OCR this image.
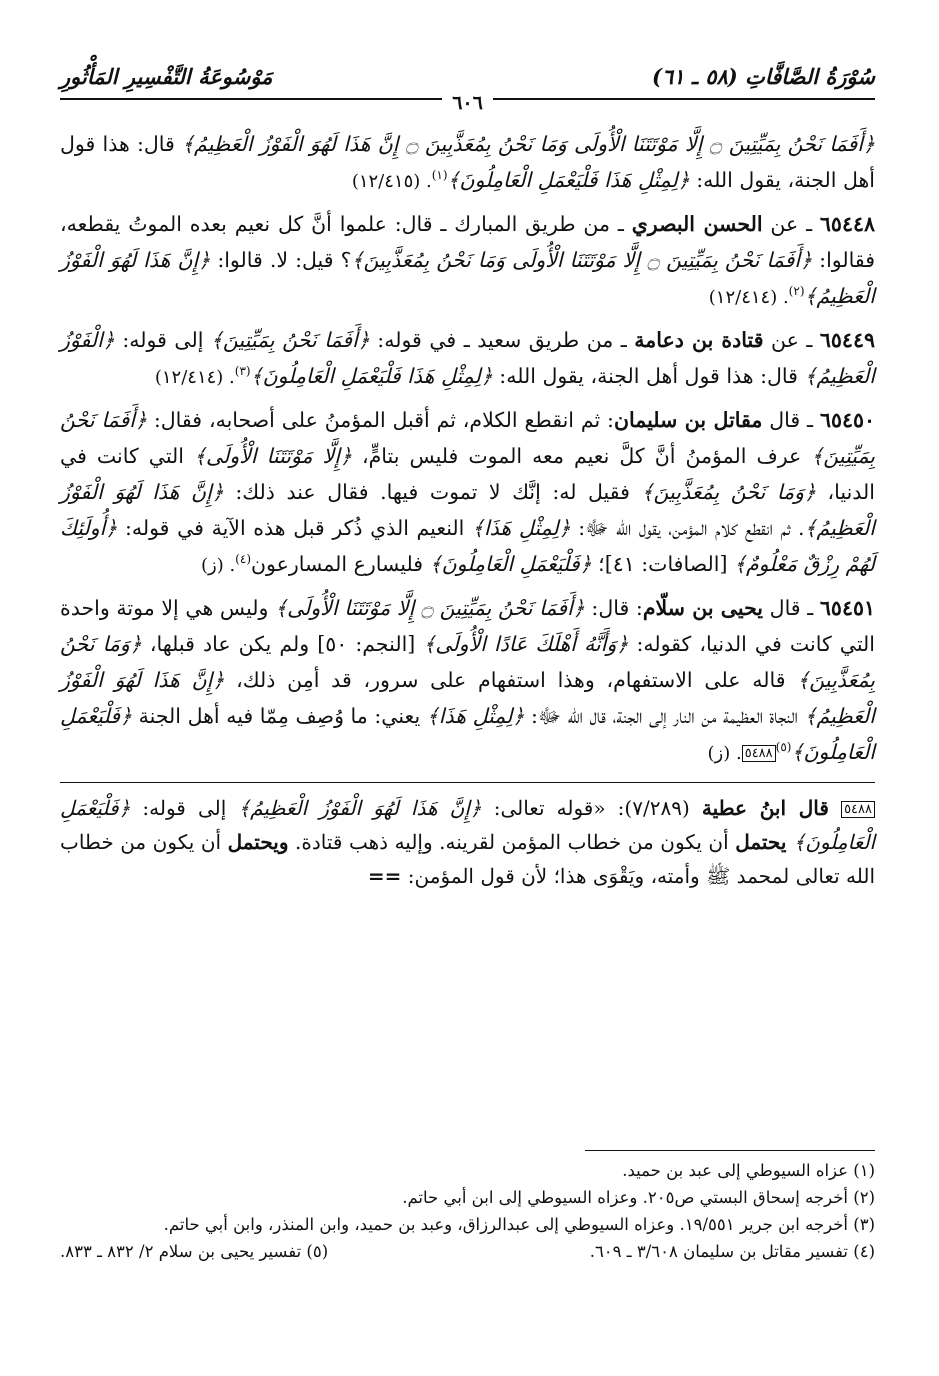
سُوْرَةُ الصَّافَّاتِ (٥٨ ـ ٦١)
مَوْسُوعَةُ التَّفْسِيرِ المَأْثُورِ
٦٠٦

﴿أَفَمَا نَحْنُ بِمَيِّتِينَ ۝ إِلَّا مَوْتَتَنَا الْأُولَى وَمَا نَحْنُ بِمُعَذَّبِينَ ۝ إِنَّ هَذَا لَهُوَ الْفَوْزُ الْعَظِيمُ﴾ قال: هذا قول أهل الجنة، يقول الله: ﴿لِمِثْلِ هَذَا فَلْيَعْمَلِ الْعَامِلُونَ﴾$^{(١)}$. (١٢/٤١٥)

٦٥٤٤٨ ـ عن الحسن البصري ـ من طريق المبارك ـ قال: علموا أنَّ كل نعيم بعده الموتُ يقطعه، فقالوا: ﴿أَفَمَا نَحْنُ بِمَيِّتِينَ ۝ إِلَّا مَوْتَتَنَا الْأُولَى وَمَا نَحْنُ بِمُعَذَّبِينَ﴾؟ قيل: لا. قالوا: ﴿إِنَّ هَذَا لَهُوَ الْفَوْزُ الْعَظِيمُ﴾$^{(٢)}$. (١٢/٤١٤)

٦٥٤٤٩ ـ عن قتادة بن دعامة ـ من طريق سعيد ـ في قوله: ﴿أَفَمَا نَحْنُ بِمَيِّتِينَ﴾ إلى قوله: ﴿الْفَوْزُ الْعَظِيمُ﴾ قال: هذا قول أهل الجنة، يقول الله: ﴿لِمِثْلِ هَذَا فَلْيَعْمَلِ الْعَامِلُونَ﴾$^{(٣)}$. (١٢/٤١٤)

٦٥٤٥٠ ـ قال مقاتل بن سليمان: ثم انقطع الكلام، ثم أقبل المؤمنُ على أصحابه، فقال: ﴿أَفَمَا نَحْنُ بِمَيِّتِينَ﴾ عرف المؤمنُ أنَّ كلَّ نعيم معه الموت فليس بتامٍّ، ﴿إِلَّا مَوْتَتَنَا الْأُولَى﴾ التي كانت في الدنيا، ﴿وَمَا نَحْنُ بِمُعَذَّبِينَ﴾ فقيل له: إنَّك لا تموت فيها. فقال عند ذلك: ﴿إِنَّ هَذَا لَهُوَ الْفَوْزُ الْعَظِيمُ﴾. ثم انقطع كلام المؤمن، يقول الله ﷻ: ﴿لِمِثْلِ هَذَا﴾ النعيم الذي ذُكر قبل هذه الآية في قوله: ﴿أُولَئِكَ لَهُمْ رِزْقٌ مَعْلُومٌ﴾ [الصافات: ٤١]؛ ﴿فَلْيَعْمَلِ الْعَامِلُونَ﴾ فليسارع المسارعون$^{(٤)}$. (ز)

٦٥٤٥١ ـ قال يحيى بن سلّام: قال: ﴿أَفَمَا نَحْنُ بِمَيِّتِينَ ۝ إِلَّا مَوْتَتَنَا الْأُولَى﴾ وليس هي إلا موتة واحدة التي كانت في الدنيا، كقوله: ﴿وَأَنَّهُ أَهْلَكَ عَادًا الْأُولَى﴾ [النجم: ٥٠] ولم يكن عاد قبلها، ﴿وَمَا نَحْنُ بِمُعَذَّبِينَ﴾ قاله على الاستفهام، وهذا استفهام على سرور، قد أمِن ذلك، ﴿إِنَّ هَذَا لَهُوَ الْفَوْزُ الْعَظِيمُ﴾ النجاة العظيمة من النار إلى الجنة، قال الله ﷻ: ﴿لِمِثْلِ هَذَا﴾ يعني: ما وُصِف مِمّا فيه أهل الجنة ﴿فَلْيَعْمَلِ الْعَامِلُونَ﴾$^{(٥)}$٥٤٨٨. (ز)

٥٤٨٨ قال ابنُ عطية (٧/٢٨٩): «قوله تعالى: ﴿إِنَّ هَذَا لَهُوَ الْفَوْزُ الْعَظِيمُ﴾ إلى قوله: ﴿فَلْيَعْمَلِ الْعَامِلُونَ﴾ يحتمل أن يكون من خطاب المؤمن لقرينه. وإليه ذهب قتادة. ويحتمل أن يكون من خطاب الله تعالى لمحمد ﷺ وأمته، ويَقْوَى هذا؛ لأن قول المؤمن: ==

(١) عزاه السيوطي إلى عبد بن حميد.

(٢) أخرجه إسحاق البستي ص٢٠٥. وعزاه السيوطي إلى ابن أبي حاتم.

(٣) أخرجه ابن جرير ١٩/٥٥١. وعزاه السيوطي إلى عبدالرزاق، وعبد بن حميد، وابن المنذر، وابن أبي حاتم.

(٤) تفسير مقاتل بن سليمان ٣/٦٠٨ ـ ٦٠٩.
(٥) تفسير يحيى بن سلام ٢/ ٨٣٢ ـ ٨٣٣.
